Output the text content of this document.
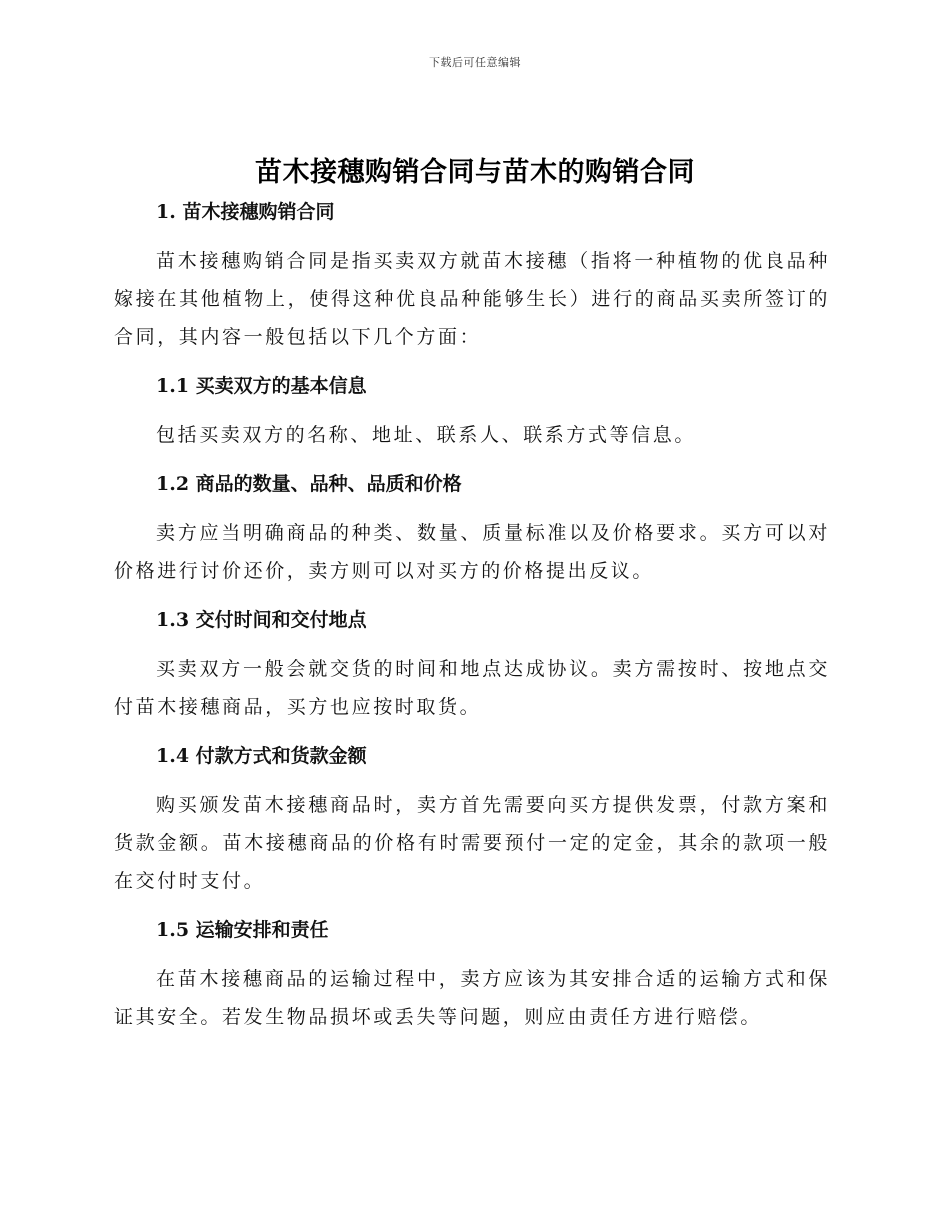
下载后可任意编辑
苗木接穗购销合同与苗木的购销合同
1. 苗木接穗购销合同

苗木接穗购销合同是指买卖双方就苗木接穗（指将一种植物的优良品种嫁接在其他植物上，使得这种优良品种能够生长）进行的商品买卖所签订的合同，其内容一般包括以下几个方面：

1.1 买卖双方的基本信息

包括买卖双方的名称、地址、联系人、联系方式等信息。

1.2 商品的数量、品种、品质和价格

卖方应当明确商品的种类、数量、质量标准以及价格要求。买方可以对价格进行讨价还价，卖方则可以对买方的价格提出反议。

1.3 交付时间和交付地点

买卖双方一般会就交货的时间和地点达成协议。卖方需按时、按地点交付苗木接穗商品，买方也应按时取货。

1.4 付款方式和货款金额

购买颁发苗木接穗商品时，卖方首先需要向买方提供发票，付款方案和货款金额。苗木接穗商品的价格有时需要预付一定的定金，其余的款项一般在交付时支付。

1.5 运输安排和责任

在苗木接穗商品的运输过程中，卖方应该为其安排合适的运输方式和保证其安全。若发生物品损坏或丢失等问题，则应由责任方进行赔偿。
